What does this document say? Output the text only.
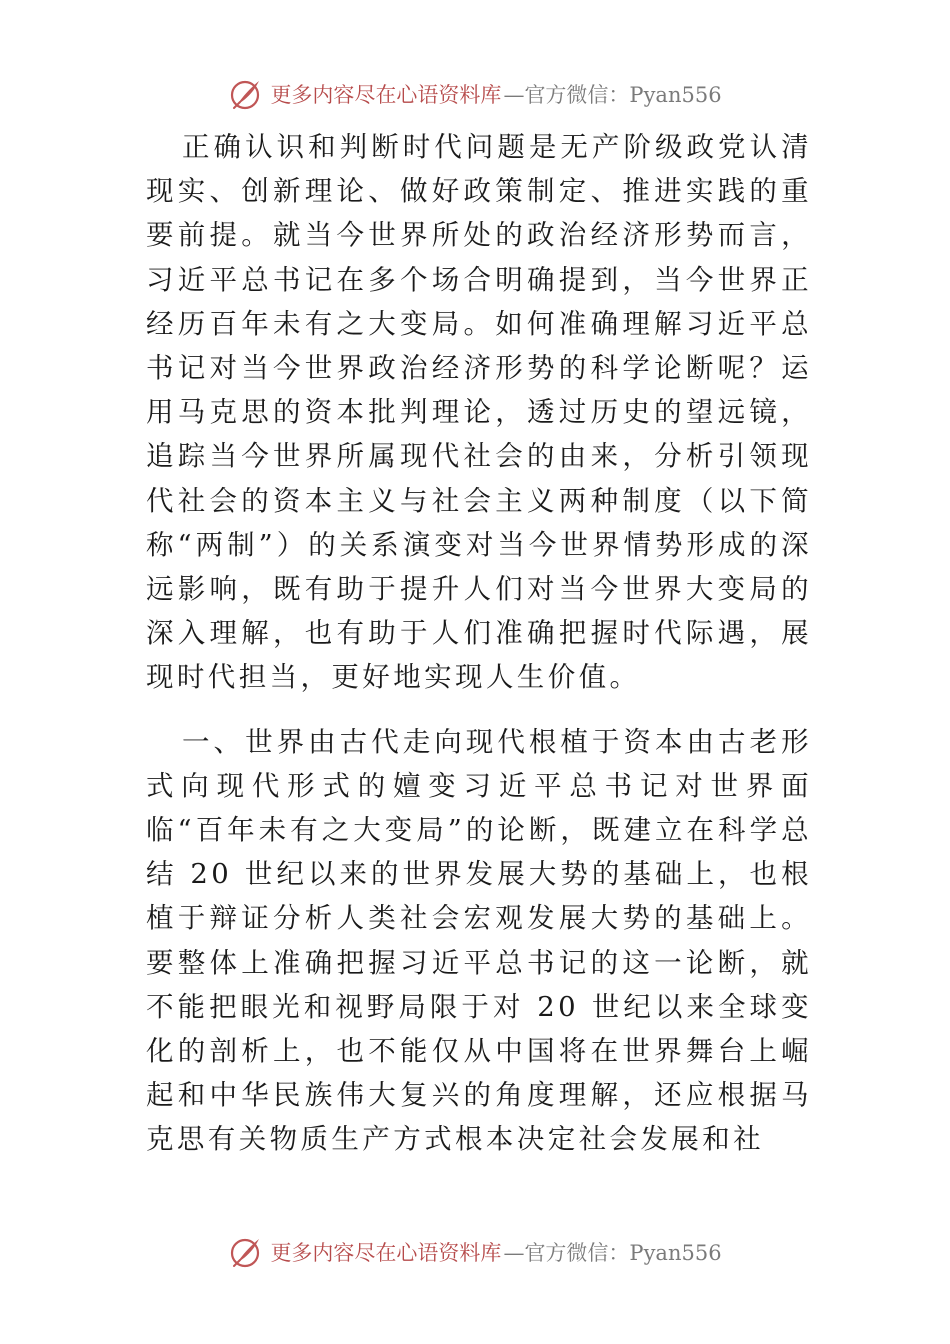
更多内容尽在心语资料库 —官方微信：Pyan556

正确认识和判断时代问题是无产阶级政党认清现实、创新理论、做好政策制定、推进实践的重要前提。就当今世界所处的政治经济形势而言，习近平总书记在多个场合明确提到，当今世界正经历百年未有之大变局。如何准确理解习近平总书记对当今世界政治经济形势的科学论断呢？运用马克思的资本批判理论，透过历史的望远镜，追踪当今世界所属现代社会的由来，分析引领现代社会的资本主义与社会主义两种制度（以下简称“两制”）的关系演变对当今世界情势形成的深远影响，既有助于提升人们对当今世界大变局的深入理解，也有助于人们准确把握时代际遇，展现时代担当，更好地实现人生价值。

一、世界由古代走向现代根植于资本由古老形式向现代形式的嬗变习近平总书记对世界面临“百年未有之大变局”的论断，既建立在科学总结 20 世纪以来的世界发展大势的基础上，也根植于辩证分析人类社会宏观发展大势的基础上。要整体上准确把握习近平总书记的这一论断，就不能把眼光和视野局限于对 20 世纪以来全球变化的剖析上，也不能仅从中国将在世界舞台上崛起和中华民族伟大复兴的角度理解，还应根据马克思有关物质生产方式根本决定社会发展和社

更多内容尽在心语资料库 —官方微信：Pyan556
